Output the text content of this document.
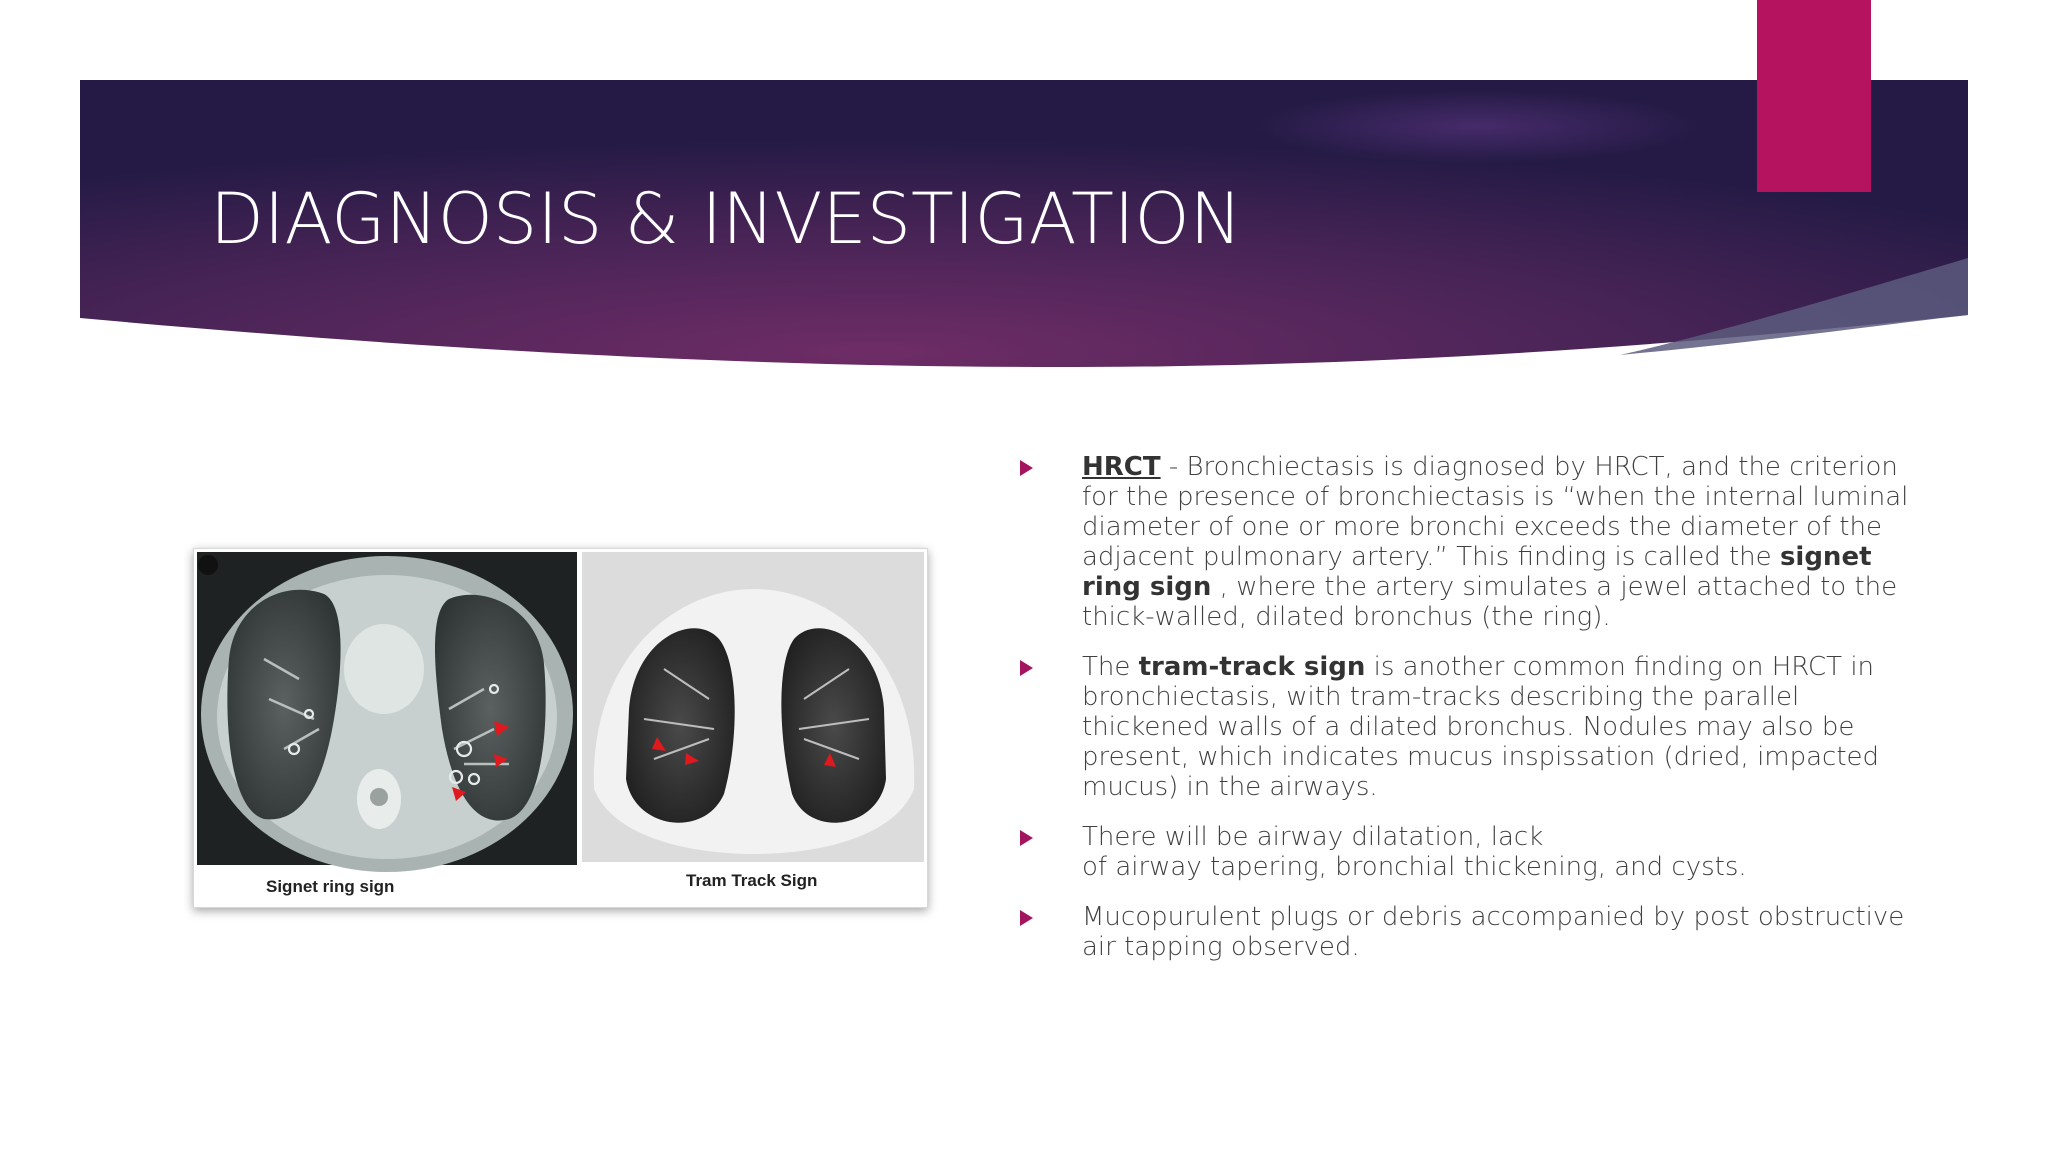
DIAGNOSIS & INVESTIGATION
Signet ring sign	Tram Track Sign
HRCT - Bronchiectasis is diagnosed by HRCT, and the criterion for the presence of bronchiectasis is “when the internal luminal diameter of one or more bronchi exceeds the diameter of the adjacent pulmonary artery.” This finding is called the signet ring sign , where the artery simulates a jewel attached to the thick-walled, dilated bronchus (the ring).
The tram-track sign is another common finding on HRCT in bronchiectasis, with tram-tracks describing the parallel thickened walls of a dilated bronchus. Nodules may also be present, which indicates mucus inspissation (dried, impacted mucus) in the airways.
There will be airway dilatation, lack
of airway tapering, bronchial thickening, and cysts.
Mucopurulent plugs or debris accompanied by post obstructive air tapping observed.
